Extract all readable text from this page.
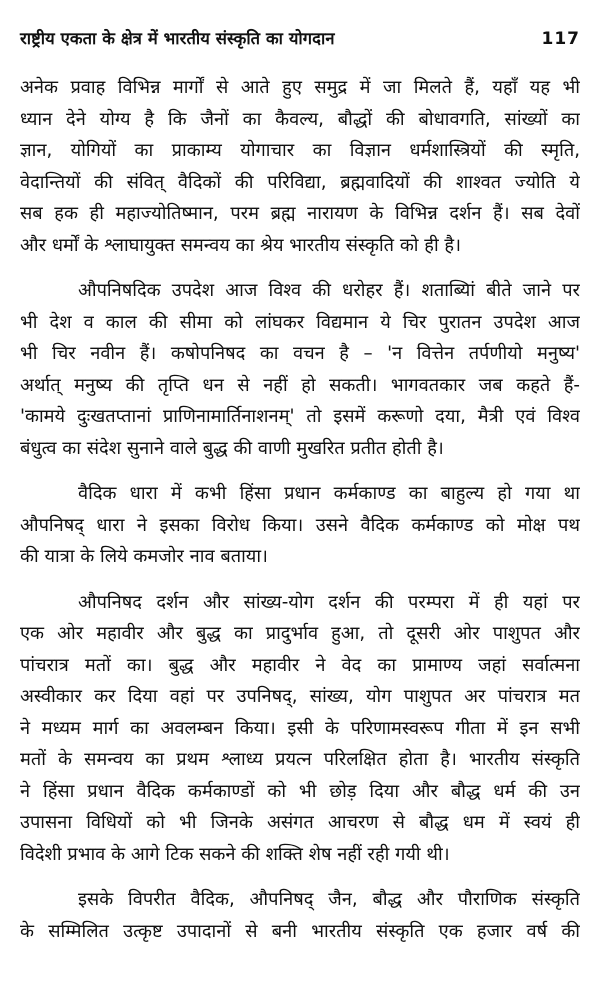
राष्ट्रीय एकता के क्षेत्र में भारतीय संस्कृति का योगदान	117
अनेक प्रवाह विभिन्न मार्गों से आते हुए समुद्र में जा मिलते हैं, यहाँ यह भी
ध्यान देने योग्य है कि जैनों का कैवल्य, बौद्धों की बोधावगति, सांख्यों का
ज्ञान, योगियों का प्राकाम्य योगाचार का विज्ञान धर्मशास्त्रियों की स्मृति,
वेदान्तियों की संवित् वैदिकों की परिविद्या, ब्रह्मवादियों की शाश्वत ज्योति ये
सब हक ही महाज्योतिष्मान, परम ब्रह्म नारायण के विभिन्न दर्शन हैं। सब देवों
और धर्मों के श्लाघायुक्त समन्वय का श्रेय भारतीय संस्कृति को ही है।
औपनिषदिक उपदेश आज विश्व की धरोहर हैं। शताब्यिां बीते जाने पर
भी देश व काल की सीमा को लांघकर विद्यमान ये चिर पुरातन उपदेश आज
भी चिर नवीन हैं। कषोपनिषद का वचन है – 'न वित्तेन तर्पणीयो मनुष्य'
अर्थात् मनुष्य की तृप्ति धन से नहीं हो सकती। भागवतकार जब कहते हैं-
'कामये दुःखतप्तानां प्राणिनामार्तिनाशनम्' तो इसमें करूणो दया, मैत्री एवं विश्व
बंधुत्व का संदेश सुनाने वाले बुद्ध की वाणी मुखरित प्रतीत होती है।
वैदिक धारा में कभी हिंसा प्रधान कर्मकाण्ड का बाहुल्य हो गया था
औपनिषद् धारा ने इसका विरोध किया। उसने वैदिक कर्मकाण्ड को मोक्ष पथ
की यात्रा के लिये कमजोर नाव बताया।
औपनिषद दर्शन और सांख्य-योग दर्शन की परम्परा में ही यहां पर
एक ओर महावीर और बुद्ध का प्रादुर्भाव हुआ, तो दूसरी ओर पाशुपत और
पांचरात्र मतों का। बुद्ध और महावीर ने वेद का प्रामाण्य जहां सर्वात्मना
अस्वीकार कर दिया वहां पर उपनिषद्, सांख्य, योग पाशुपत अर पांचरात्र मत
ने मध्यम मार्ग का अवलम्बन किया। इसी के परिणामस्वरूप गीता में इन सभी
मतों के समन्वय का प्रथम श्लाध्य प्रयत्न परिलक्षित होता है। भारतीय संस्कृति
ने हिंसा प्रधान वैदिक कर्मकाण्डों को भी छोड़ दिया और बौद्ध धर्म की उन
उपासना विधियों को भी जिनके असंगत आचरण से बौद्ध धम में स्वयं ही
विदेशी प्रभाव के आगे टिक सकने की शक्ति शेष नहीं रही गयी थी।
इसके विपरीत वैदिक, औपनिषद् जैन, बौद्ध और पौराणिक संस्कृति
के सम्मिलित उत्कृष्ट उपादानों से बनी भारतीय संस्कृति एक हजार वर्ष की
